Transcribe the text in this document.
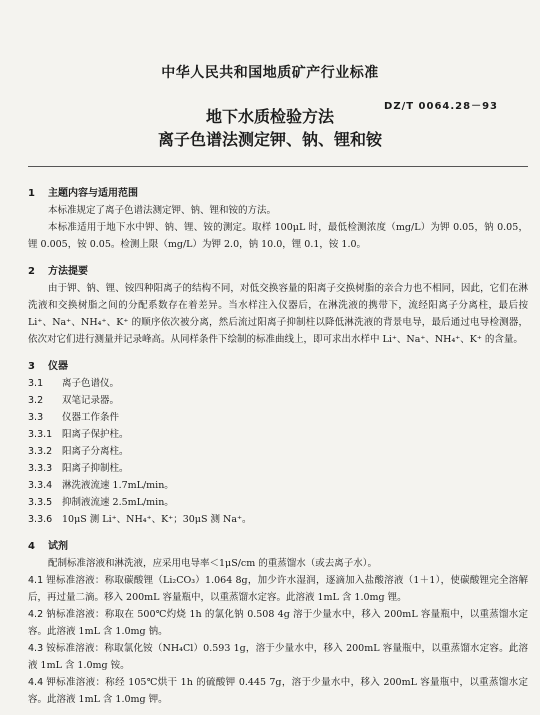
中华人民共和国地质矿产行业标准
DZ/T 0064.28－93
地下水质检验方法
离子色谱法测定钾、钠、锂和铵
1 主题内容与适用范围
本标准规定了离子色谱法测定钾、钠、锂和铵的方法。
本标准适用于地下水中钾、钠、锂、铵的测定。取样 100μL 时，最低检测浓度（mg/L）为钾 0.05，钠 0.05，锂 0.005，铵 0.05。检测上限（mg/L）为钾 2.0，钠 10.0，锂 0.1，铵 1.0。
2 方法提要
由于钾、钠、锂、铵四种阳离子的结构不同，对低交换容量的阳离子交换树脂的亲合力也不相同，因此，它们在淋洗液和交换树脂之间的分配系数存在着差异。当水样注入仪器后，在淋洗液的携带下，流经阳离子分离柱，最后按 Li⁺、Na⁺、NH₄⁺、K⁺ 的顺序依次被分离，然后流过阳离子抑制柱以降低淋洗液的背景电导，最后通过电导检测器，依次对它们进行测量并记录峰高。从同样条件下绘制的标准曲线上，即可求出水样中 Li⁺、Na⁺、NH₄⁺、K⁺ 的含量。
3 仪器
3.1 离子色谱仪。
3.2 双笔记录器。
3.3 仪器工作条件
3.3.1 阳离子保护柱。
3.3.2 阳离子分离柱。
3.3.3 阳离子抑制柱。
3.3.4 淋洗液流速 1.7mL/min。
3.3.5 抑制液流速 2.5mL/min。
3.3.6 10μS 测 Li⁺、NH₄⁺、K⁺；30μS 测 Na⁺。
4 试剂
配制标准溶液和淋洗液，应采用电导率＜1μS/cm 的重蒸馏水（或去离子水）。
4.1 锂标准溶液：称取碳酸锂（Li₂CO₃）1.064 8g，加少许水湿润，逐滴加入盐酸溶液（1＋1），使碳酸锂完全溶解后，再过量二滴。移入 200mL 容量瓶中，以重蒸馏水定容。此溶液 1mL 含 1.0mg 锂。
4.2 钠标准溶液：称取在 500℃灼烧 1h 的氯化钠 0.508 4g 溶于少量水中，移入 200mL 容量瓶中，以重蒸馏水定容。此溶液 1mL 含 1.0mg 钠。
4.3 铵标准溶液：称取氯化铵（NH₄Cl）0.593 1g，溶于少量水中，移入 200mL 容量瓶中，以重蒸馏水定容。此溶液 1mL 含 1.0mg 铵。
4.4 钾标准溶液：称经 105℃烘干 1h 的硫酸钾 0.445 7g，溶于少量水中，移入 200mL 容量瓶中，以重蒸馏水定容。此溶液 1mL 含 1.0mg 钾。
